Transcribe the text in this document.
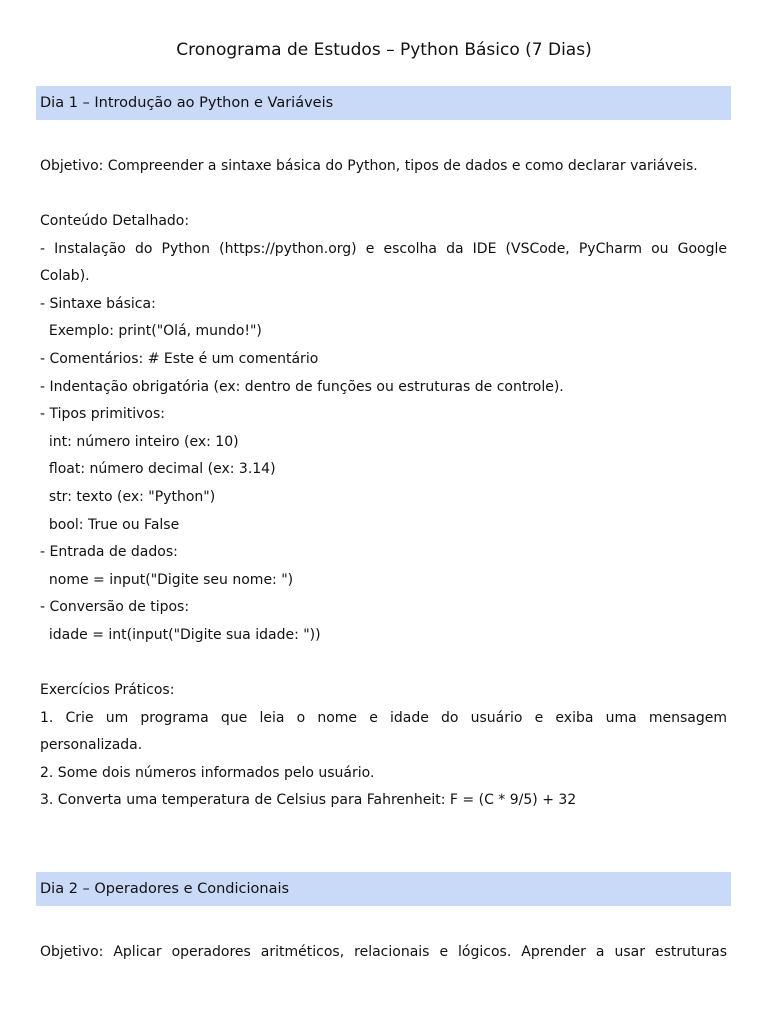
Cronograma de Estudos – Python Básico (7 Dias)
Dia 1 – Introdução ao Python e Variáveis
Objetivo: Compreender a sintaxe básica do Python, tipos de dados e como declarar variáveis.
Conteúdo Detalhado:
- Instalação do Python (https://python.org) e escolha da IDE (VSCode, PyCharm ou Google
Colab).
- Sintaxe básica:
Exemplo: print("Olá, mundo!")
- Comentários: # Este é um comentário
- Indentação obrigatória (ex: dentro de funções ou estruturas de controle).
- Tipos primitivos:
int: número inteiro (ex: 10)
float: número decimal (ex: 3.14)
str: texto (ex: "Python")
bool: True ou False
- Entrada de dados:
nome = input("Digite seu nome: ")
- Conversão de tipos:
idade = int(input("Digite sua idade: "))
Exercícios Práticos:
1. Crie um programa que leia o nome e idade do usuário e exiba uma mensagem
personalizada.
2. Some dois números informados pelo usuário.
3. Converta uma temperatura de Celsius para Fahrenheit: F = (C * 9/5) + 32
Dia 2 – Operadores e Condicionais
Objetivo: Aplicar operadores aritméticos, relacionais e lógicos. Aprender a usar estruturas
